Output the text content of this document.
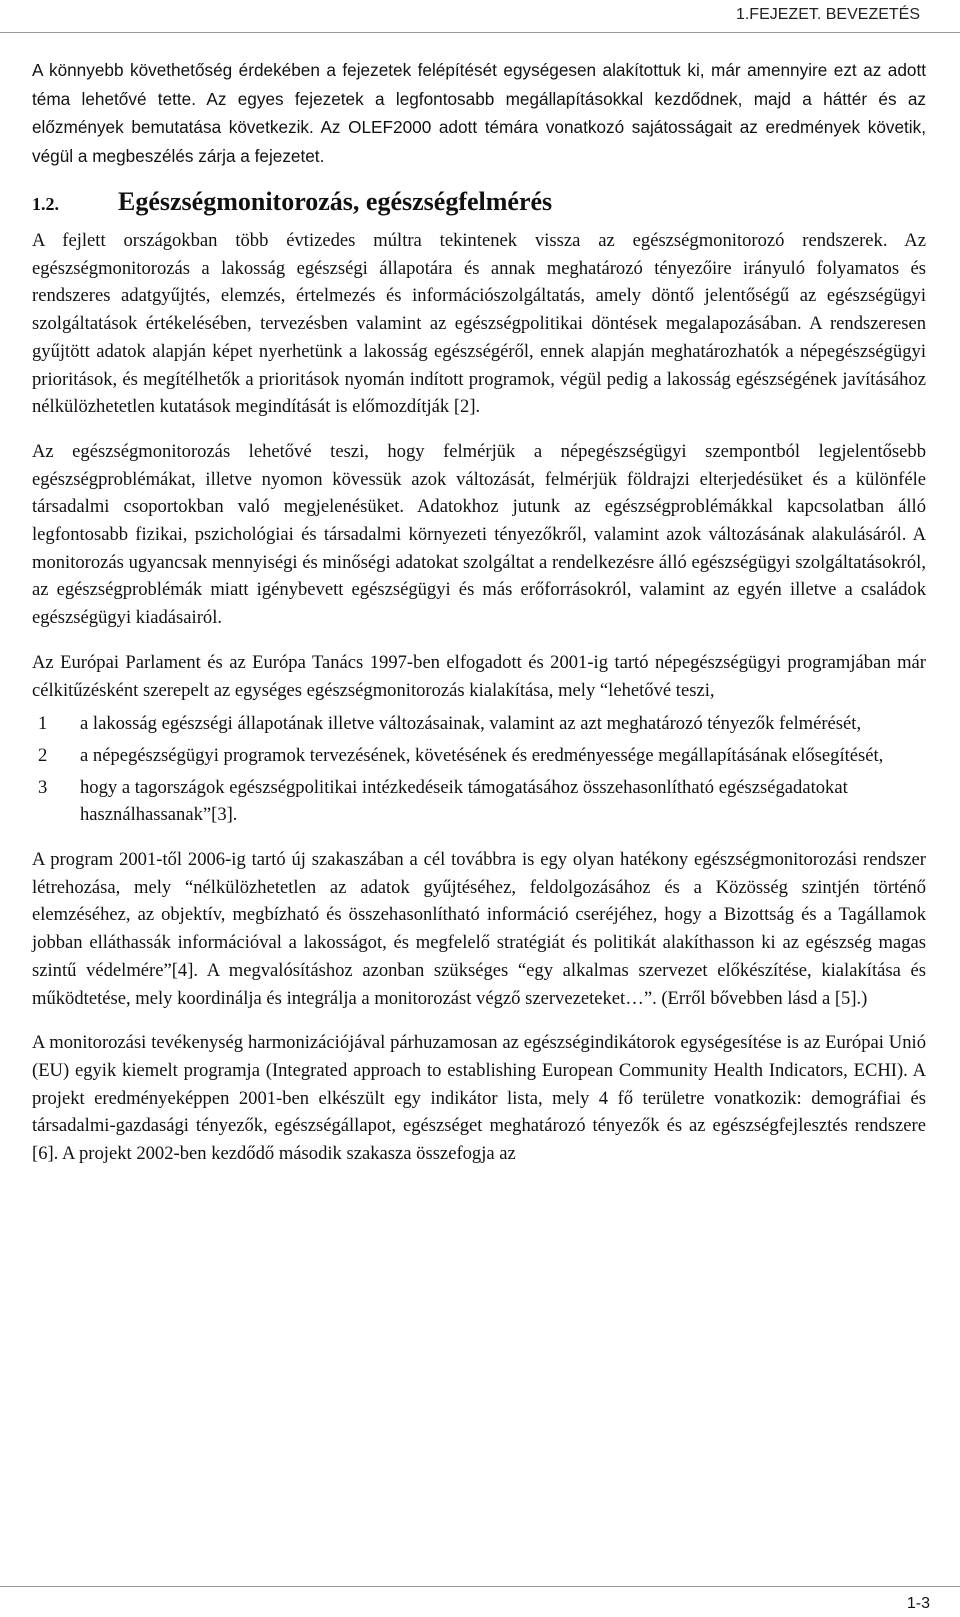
1.FEJEZET. BEVEZETÉS

A könnyebb követhetőség érdekében a fejezetek felépítését egységesen alakítottuk ki, már amennyire ezt az adott téma lehetővé tette. Az egyes fejezetek a legfontosabb megállapításokkal kezdődnek, majd a háttér és az előzmények bemutatása következik. Az OLEF2000 adott témára vonatkozó sajátosságait az eredmények követik, végül a megbeszélés zárja a fejezetet.

1.2.	Egészségmonitorozás, egészségfelmérés

A fejlett országokban több évtizedes múltra tekintenek vissza az egészségmonitorozó rendszerek. Az egészségmonitorozás a lakosság egészségi állapotára és annak meghatározó tényezőire irányuló folyamatos és rendszeres adatgyűjtés, elemzés, értelmezés és információszolgáltatás, amely döntő jelentőségű az egészségügyi szolgáltatások értékelésében, tervezésben valamint az egészségpolitikai döntések megalapozásában. A rendszeresen gyűjtött adatok alapján képet nyerhetünk a lakosság egészségéről, ennek alapján meghatározhatók a népegészségügyi prioritások, és megítélhetők a prioritások nyomán indított programok, végül pedig a lakosság egészségének javításához nélkülözhetetlen kutatások megindítását is előmozdítják [2].

Az egészségmonitorozás lehetővé teszi, hogy felmérjük a népegészségügyi szempontból legjelentősebb egészségproblémákat, illetve nyomon kövessük azok változását, felmérjük földrajzi elterjedésüket és a különféle társadalmi csoportokban való megjelenésüket. Adatokhoz jutunk az egészségproblémákkal kapcsolatban álló legfontosabb fizikai, pszichológiai és társadalmi környezeti tényezőkről, valamint azok változásának alakulásáról. A monitorozás ugyancsak mennyiségi és minőségi adatokat szolgáltat a rendelkezésre álló egészségügyi szolgáltatásokról, az egészségproblémák miatt igénybevett egészségügyi és más erőforrásokról, valamint az egyén illetve a családok egészségügyi kiadásairól.

Az Európai Parlament és az Európa Tanács 1997-ben elfogadott és 2001-ig tartó népegészségügyi programjában már célkitűzésként szerepelt az egységes egészségmonitorozás kialakítása, mely “lehetővé teszi,

1	a lakosság egészségi állapotának illetve változásainak, valamint az azt meghatározó tényezők felmérését,
2	a népegészségügyi programok tervezésének, követésének és eredményessége megállapításának elősegítését,
3	hogy a tagországok egészségpolitikai intézkedéseik támogatásához összehasonlítható egészségadatokat használhassanak”[3].

A program 2001-től 2006-ig tartó új szakaszában a cél továbbra is egy olyan hatékony egészségmonitorozási rendszer létrehozása, mely “nélkülözhetetlen az adatok gyűjtéséhez, feldolgozásához és a Közösség szintjén történő elemzéséhez, az objektív, megbízható és összehasonlítható információ cseréjéhez, hogy a Bizottság és a Tagállamok jobban elláthassák információval a lakosságot, és megfelelő stratégiát és politikát alakíthasson ki az egészség magas szintű védelmére”[4]. A megvalósításhoz azonban szükséges “egy alkalmas szervezet előkészítése, kialakítása és működtetése, mely koordinálja és integrálja a monitorozást végző szervezeteket…”. (Erről bővebben lásd a [5].)

A monitorozási tevékenység harmonizációjával párhuzamosan az egészségindikátorok egységesítése is az Európai Unió (EU) egyik kiemelt programja (Integrated approach to establishing European Community Health Indicators, ECHI). A projekt eredményeképpen 2001-ben elkészült egy indikátor lista, mely 4 fő területre vonatkozik: demográfiai és társadalmi-gazdasági tényezők, egészségállapot, egészséget meghatározó tényezők és az egészségfejlesztés rendszere [6]. A projekt 2002-ben kezdődő második szakasza összefogja az

1-3
